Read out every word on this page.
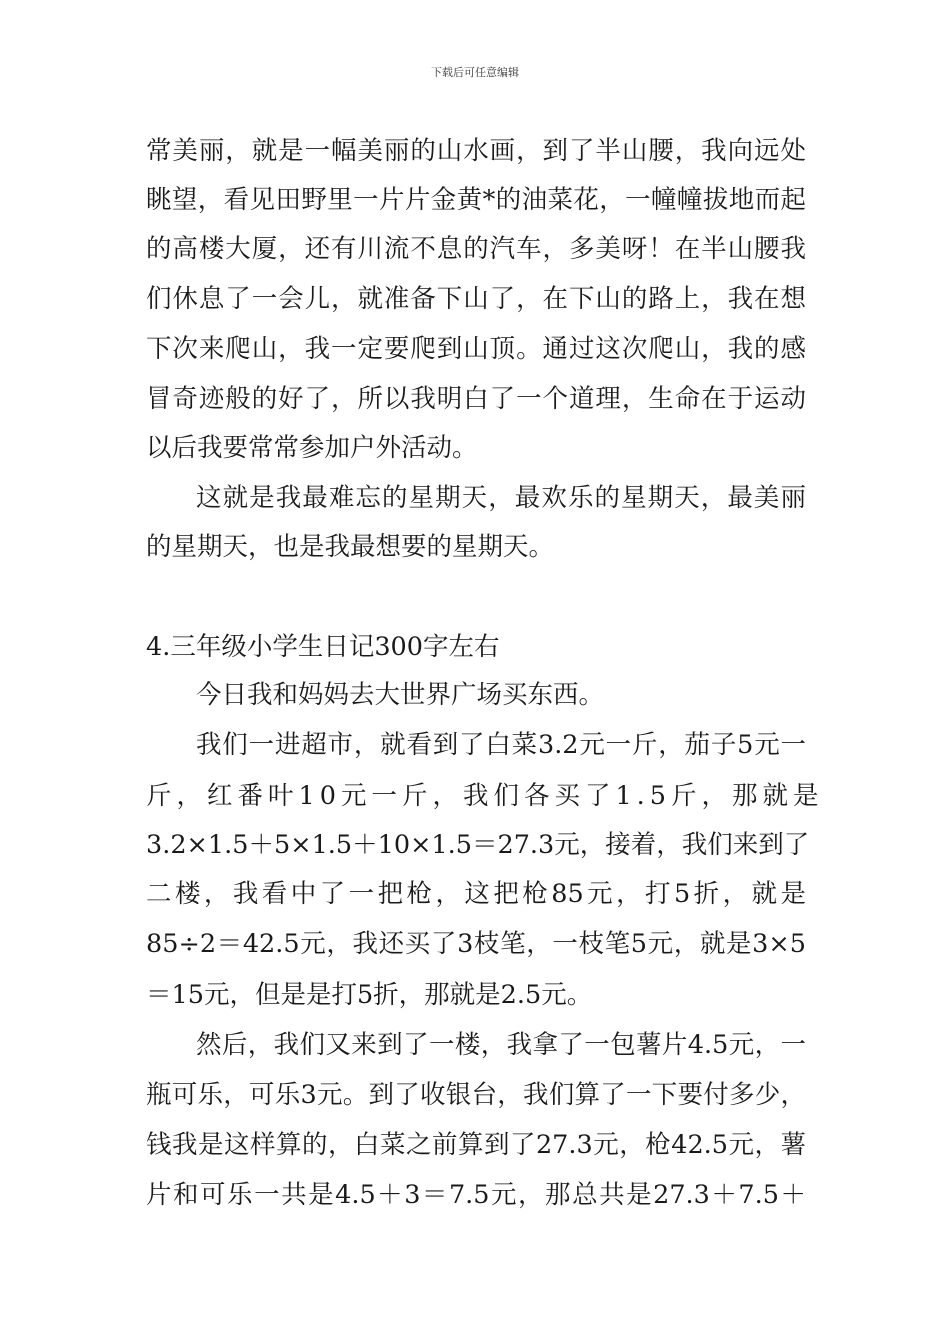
下载后可任意编辑
常美丽，就是一幅美丽的山水画，到了半山腰，我向远处
眺望，看见田野里一片片金黄*的油菜花，一幢幢拔地而起
的高楼大厦，还有川流不息的汽车，多美呀！在半山腰我
们休息了一会儿，就准备下山了，在下山的路上，我在想
下次来爬山，我一定要爬到山顶。通过这次爬山，我的感
冒奇迹般的好了，所以我明白了一个道理，生命在于运动
以后我要常常参加户外活动。
这就是我最难忘的星期天，最欢乐的星期天，最美丽
的星期天，也是我最想要的星期天。
4.三年级小学生日记300字左右
今日我和妈妈去大世界广场买东西。
我们一进超市，就看到了白菜3.2元一斤，茄子5元一
斤，红番叶10元一斤，我们各买了1.5斤，那就是
3.2×1.5＋5×1.5＋10×1.5＝27.3元，接着，我们来到了
二楼，我看中了一把枪，这把枪85元，打5折，就是
85÷2＝42.5元，我还买了3枝笔，一枝笔5元，就是3×5
＝15元，但是是打5折，那就是2.5元。
然后，我们又来到了一楼，我拿了一包薯片4.5元，一
瓶可乐，可乐3元。到了收银台，我们算了一下要付多少，
钱我是这样算的，白菜之前算到了27.3元，枪42.5元，薯
片和可乐一共是4.5＋3＝7.5元，那总共是27.3＋7.5＋
